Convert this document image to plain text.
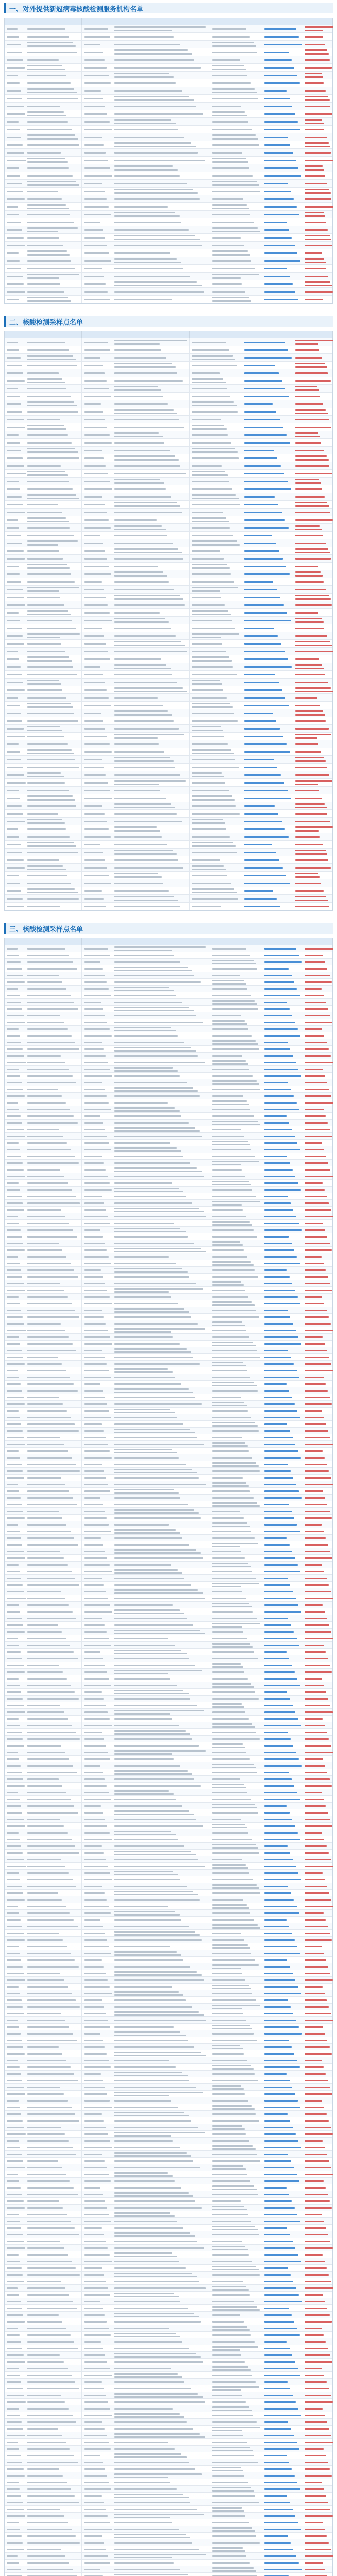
一、对外提供新冠病毒核酸检测服务机构名单
二、核酸检测采样点名单
三、核酸检测采样点名单
